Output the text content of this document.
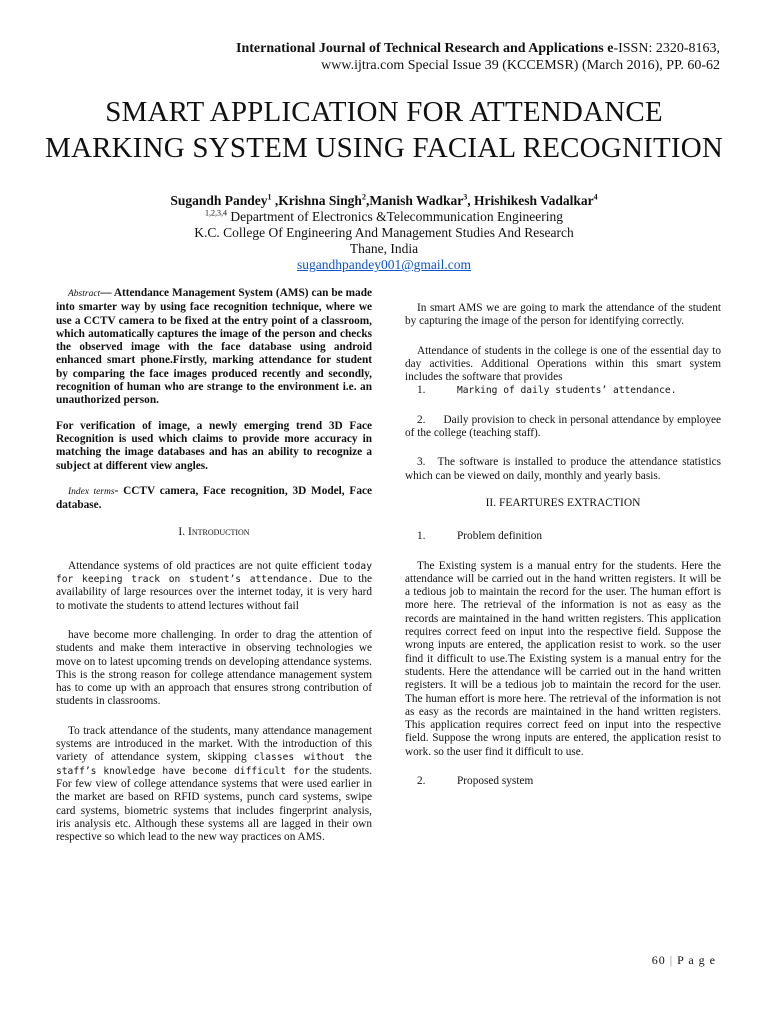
International Journal of Technical Research and Applications e-ISSN: 2320-8163,
www.ijtra.com Special Issue 39 (KCCEMSR) (March 2016), PP. 60-62
SMART APPLICATION FOR ATTENDANCE MARKING SYSTEM USING FACIAL RECOGNITION
Sugandh Pandey$^1$ ,Krishna Singh$^2$,Manish Wadkar$^3$, Hrishikesh Vadalkar$^4$
$^{1,2,3,4}$ Department of Electronics &Telecommunication Engineering
K.C. College Of Engineering And Management Studies And Research
Thane, India
sugandhpandey001@gmail.com

Abstract— Attendance Management System (AMS) can be made into smarter way by using face recognition technique, where we use a CCTV camera to be fixed at the entry point of a classroom, which automatically captures the image of the person and checks the observed image with the face database using android enhanced smart phone.Firstly, marking attendance for student by comparing the face images produced recently and secondly, recognition of human who are strange to the environment i.e. an unauthorized person.

For verification of image, a newly emerging trend 3D Face Recognition is used which claims to provide more accuracy in matching the image databases and has an ability to recognize a subject at different view angles.

Index terms- CCTV camera, Face recognition, 3D Model, Face database.

I. Introduction

Attendance systems of old practices are not quite efficient today for keeping track on student’s attendance. Due to the availability of large resources over the internet today, it is very hard to motivate the students to attend lectures without fail

have become more challenging. In order to drag the attention of students and make them interactive in observing technologies we move on to latest upcoming trends on developing attendance systems. This is the strong reason for college attendance management system has to come up with an approach that ensures strong contribution of students in classrooms.

To track attendance of the students, many attendance management systems are introduced in the market. With the introduction of this variety of attendance system, skipping classes without the staff’s knowledge have become difficult for the students. For few view of college attendance systems that were used earlier in the market are based on RFID systems, punch card systems, swipe card systems, biometric systems that includes fingerprint analysis, iris analysis etc. Although these systems all are lagged in their own respective so which lead to the new way practices on AMS.

In smart AMS we are going to mark the attendance of the student by capturing the image of the person for identifying correctly.

Attendance of students in the college is one of the essential day to day activities. Additional Operations within this smart system includes the software that provides

1.	Marking of daily students’ attendance.

2. Daily provision to check in personal attendance by employee of the college (teaching staff).

3. The software is installed to produce the attendance statistics which can be viewed on daily, monthly and yearly basis.

II. FEARTURES EXTRACTION

1.	Problem definition

The Existing system is a manual entry for the students. Here the attendance will be carried out in the hand written registers. It will be a tedious job to maintain the record for the user. The human effort is more here. The retrieval of the information is not as easy as the records are maintained in the hand written registers. This application requires correct feed on input into the respective field. Suppose the wrong inputs are entered, the application resist to work. so the user find it difficult to use.The Existing system is a manual entry for the students. Here the attendance will be carried out in the hand written registers. It will be a tedious job to maintain the record for the user. The human effort is more here. The retrieval of the information is not as easy as the records are maintained in the hand written registers. This application requires correct feed on input into the respective field. Suppose the wrong inputs are entered, the application resist to work. so the user find it difficult to use.

2.	Proposed system
60 | P a g e
